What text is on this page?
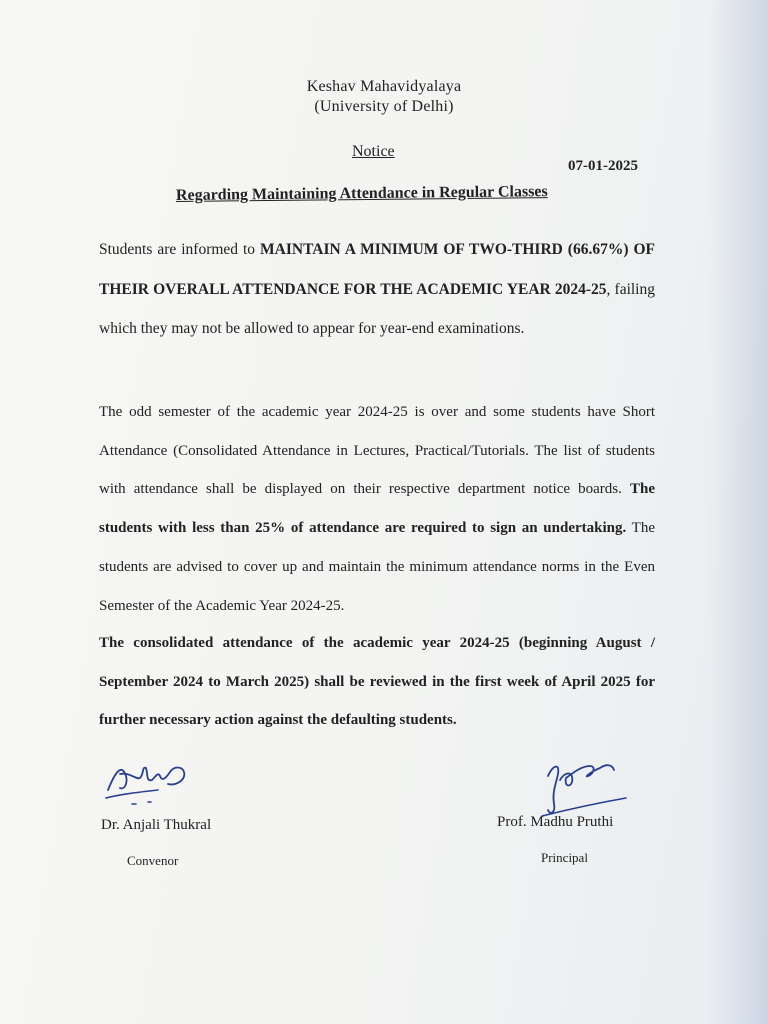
Keshav Mahavidyalaya
(University of Delhi)
Notice
07-01-2025
Regarding Maintaining Attendance in Regular Classes
Students are informed to MAINTAIN A MINIMUM OF TWO-THIRD (66.67%) OF THEIR OVERALL ATTENDANCE FOR THE ACADEMIC YEAR 2024-25, failing which they may not be allowed to appear for year-end examinations.
The odd semester of the academic year 2024-25 is over and some students have Short Attendance (Consolidated Attendance in Lectures, Practical/Tutorials. The list of students with attendance shall be displayed on their respective department notice boards. The students with less than 25% of attendance are required to sign an undertaking. The students are advised to cover up and maintain the minimum attendance norms in the Even Semester of the Academic Year 2024-25.
The consolidated attendance of the academic year 2024-25 (beginning August / September 2024 to March 2025) shall be reviewed in the first week of April 2025 for further necessary action against the defaulting students.
Dr. Anjali Thukral
Convenor
Prof. Madhu Pruthi
Principal
